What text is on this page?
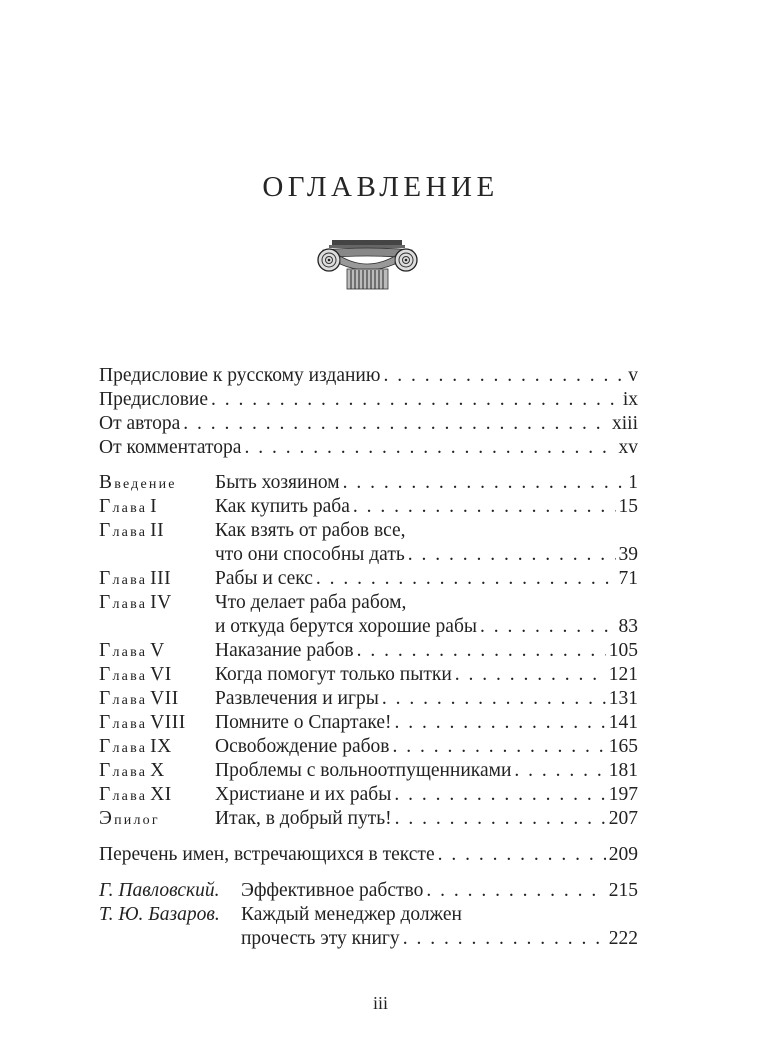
ОГЛАВЛЕНИЕ
Предисловие к русскому изданию . . .	v
Предисловие . . .	ix
От автора . . .	xiii
От комментатора . . .	xv
Введение Быть хозяином . . .	1
Глава I	Как купить раба . . .	15
Глава II	Как взять от рабов все,
что они способны дать . . .	39
Глава III Рабы и секс . . .	71
Глава IV Что делает раба рабом,
и откуда берутся хорошие рабы . . .	83
Глава V	Наказание рабов . . .	105
Глава VI Когда помогут только пытки . . .	121
Глава VII Развлечения и игры . . .	131
Глава VIII Помните о Спартаке! . . .	141
Глава IX Освобождение рабов . . .	165
Глава X	Проблемы с вольноотпущенниками . . .	181
Глава XI Христиане и их рабы . . .	197
Эпилог	Итак, в добрый путь! . . .	207
Перечень имен, встречающихся в тексте . . .	209
Г. Павловский. Эффективное рабство . . .	215
Т. Ю. Базаров. Каждый менеджер должен
прочесть эту книгу . . .	222
iii
